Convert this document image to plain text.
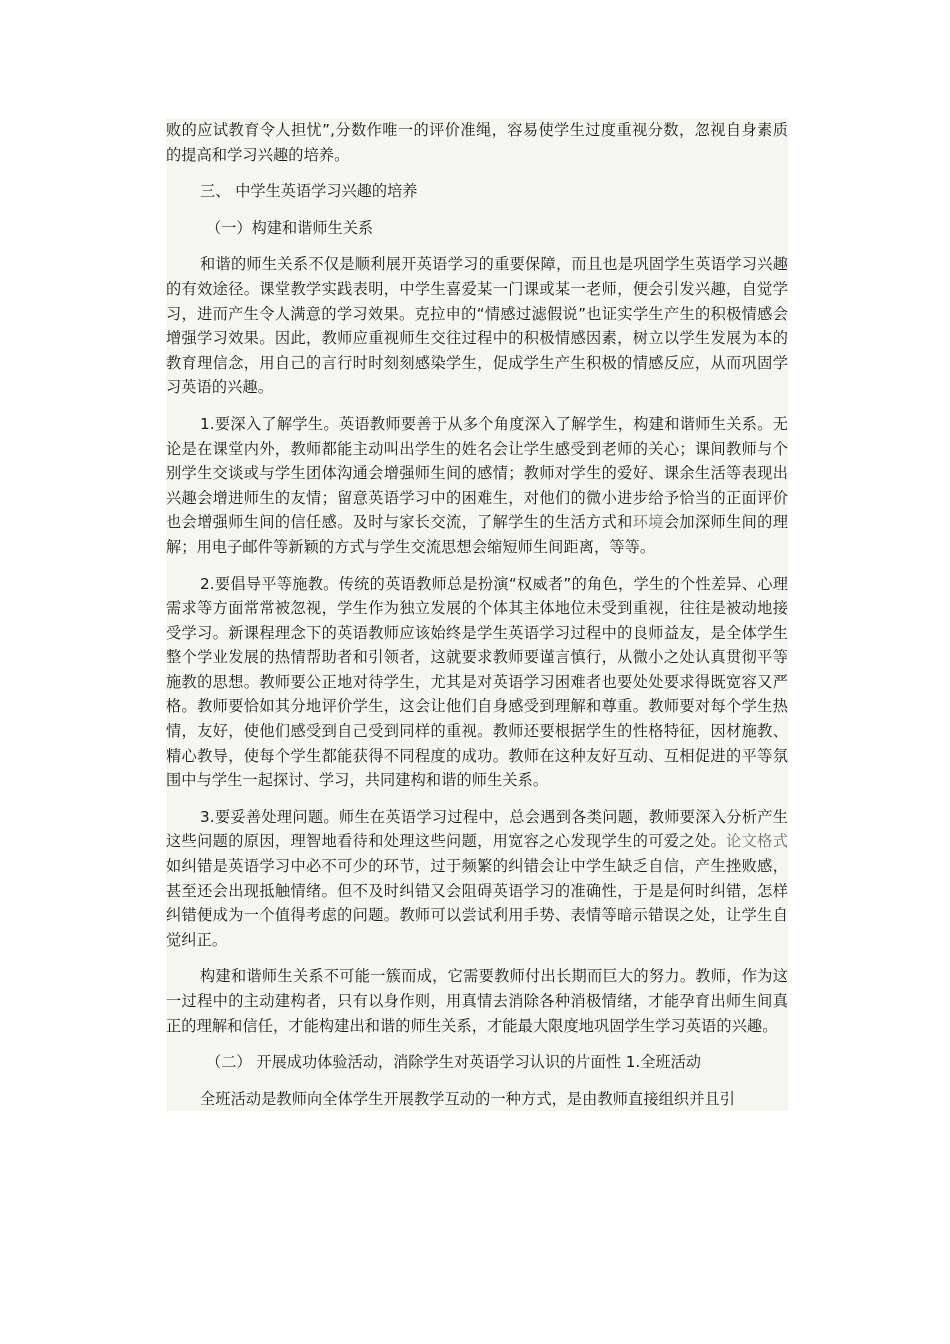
败的应试教育令人担忧”,分数作唯一的评价准绳，容易使学生过度重视分数，忽视自身素质的提高和学习兴趣的培养。

三、 中学生英语学习兴趣的培养
（一）构建和谐师生关系

和谐的师生关系不仅是顺利展开英语学习的重要保障，而且也是巩固学生英语学习兴趣的有效途径。课堂教学实践表明，中学生喜爱某一门课或某一老师，便会引发兴趣，自觉学习，进而产生令人满意的学习效果。克拉申的“情感过滤假说”也证实学生产生的积极情感会增强学习效果。因此，教师应重视师生交往过程中的积极情感因素，树立以学生发展为本的教育理信念，用自己的言行时时刻刻感染学生，促成学生产生积极的情感反应，从而巩固学习英语的兴趣。

1.要深入了解学生。英语教师要善于从多个角度深入了解学生，构建和谐师生关系。无论是在课堂内外，教师都能主动叫出学生的姓名会让学生感受到老师的关心；课间教师与个别学生交谈或与学生团体沟通会增强师生间的感情；教师对学生的爱好、课余生活等表现出兴趣会增进师生的友情；留意英语学习中的困难生，对他们的微小进步给予恰当的正面评价也会增强师生间的信任感。及时与家长交流，了解学生的生活方式和环境会加深师生间的理解；用电子邮件等新颖的方式与学生交流思想会缩短师生间距离，等等。

2.要倡导平等施教。传统的英语教师总是扮演“权威者”的角色，学生的个性差异、心理需求等方面常常被忽视，学生作为独立发展的个体其主体地位未受到重视，往往是被动地接受学习。新课程理念下的英语教师应该始终是学生英语学习过程中的良师益友，是全体学生整个学业发展的热情帮助者和引领者，这就要求教师要谨言慎行，从微小之处认真贯彻平等施教的思想。教师要公正地对待学生，尤其是对英语学习困难者也要处处要求得既宽容又严格。教师要恰如其分地评价学生，这会让他们自身感受到理解和尊重。教师要对每个学生热情，友好，使他们感受到自己受到同样的重视。教师还要根据学生的性格特征，因材施教、精心教导，使每个学生都能获得不同程度的成功。教师在这种友好互动、互相促进的平等氛围中与学生一起探讨、学习，共同建构和谐的师生关系。

3.要妥善处理问题。师生在英语学习过程中，总会遇到各类问题，教师要深入分析产生这些问题的原因，理智地看待和处理这些问题，用宽容之心发现学生的可爱之处。论文格式如纠错是英语学习中必不可少的环节，过于频繁的纠错会让中学生缺乏自信，产生挫败感，甚至还会出现抵触情绪。但不及时纠错又会阻碍英语学习的准确性，于是是何时纠错，怎样纠错便成为一个值得考虑的问题。教师可以尝试利用手势、表情等暗示错误之处，让学生自觉纠正。

构建和谐师生关系不可能一簇而成，它需要教师付出长期而巨大的努力。教师，作为这一过程中的主动建构者，只有以身作则，用真情去消除各种消极情绪，才能孕育出师生间真正的理解和信任，才能构建出和谐的师生关系，才能最大限度地巩固学生学习英语的兴趣。

（二） 开展成功体验活动，消除学生对英语学习认识的片面性 1.全班活动

全班活动是教师向全体学生开展教学互动的一种方式，是由教师直接组织并且引
